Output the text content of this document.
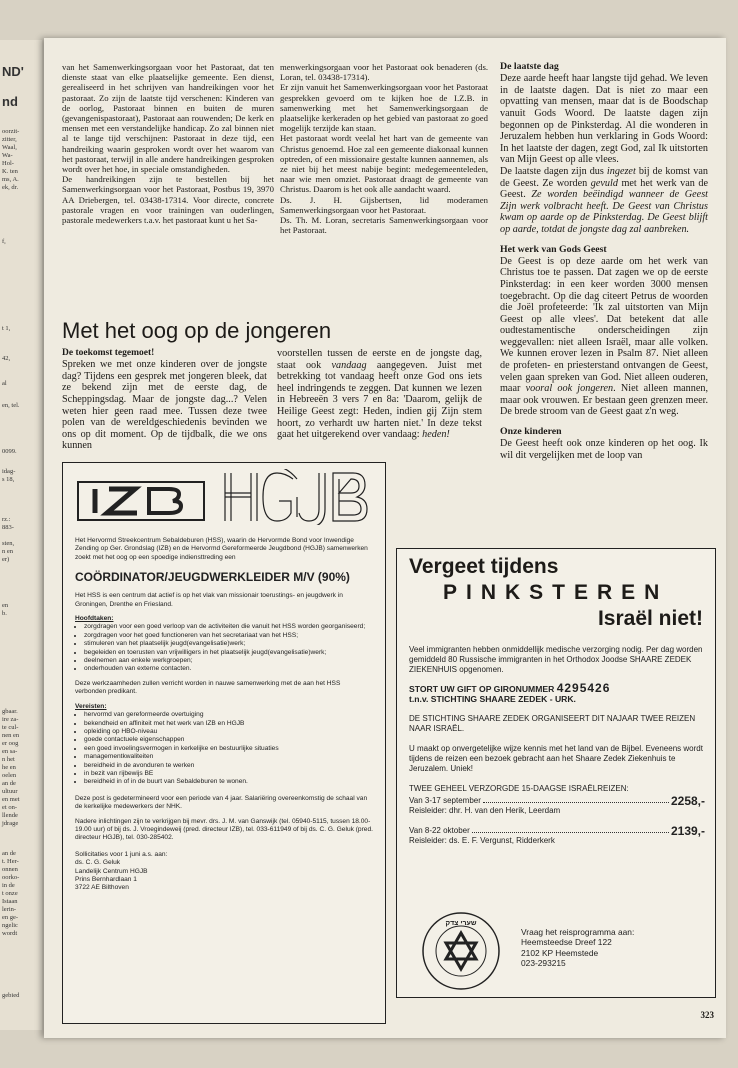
ND'
nd
oorzit-
zitter,
Waal,
Wa-
Hol-
K. ten
ms, A.
ek, dr.
f,
t 1,
42,
al
en, tel.
0099.
idag-
s 18,
rz.:
883-
sten,
n en
er)
en
b.
gbaar.
ire za-
te cul-
nen en
er oog
en sa-
n het
he en
oelen
an de
ultuur
en met
et on-
llende
jdrage
an de
t. Her-
onnen
oorko-
in de
t onze
Istaan
lerin-
en ge-
ngelic
wordt
gebied

van het Samenwerkingsorgaan voor het Pastoraat, dat ten dienste staat van elke plaatselijke gemeente. Een dienst, gerealiseerd in het schrijven van handreikingen voor het pastoraat. Zo zijn de laatste tijd verschenen: Kinderen van de oorlog, Pastoraat binnen en buiten de muren (gevangenispastoraat), Pastoraat aan rouwenden; De kerk en mensen met een verstandelijke handicap. Zo zal binnen niet al te lange tijd verschijnen: Pastoraat in deze tijd, een handreiking waarin gesproken wordt over het waarom van het pastoraat, terwijl in alle andere handreikingen gesproken wordt over het hoe, in speciale omstandigheden.

De handreikingen zijn te bestellen bij het Samenwerkingsorgaan voor het Pastoraat, Postbus 19, 3970 AA Driebergen, tel. 03438-17314. Voor directe, concrete pastorale vragen en voor trainingen van ouderlingen, pastorale medewerkers t.a.v. het pastoraat kunt u het Sa-

menwerkingsorgaan voor het Pastoraat ook benaderen (ds. Loran, tel. 03438-17314).

Er zijn vanuit het Samenwerkingsorgaan voor het Pastoraat gesprekken gevoerd om te kijken hoe de I.Z.B. in samenwerking met het Samenwerkingsorgaan de plaatselijke kerkeraden op het gebied van pastoraat zo goed mogelijk terzijde kan staan.

Het pastoraat wordt veelal het hart van de gemeente van Christus genoemd. Hoe zal een gemeente diakonaal kunnen optreden, of een missionaire gestalte kunnen aannemen, als ze niet bij het meest nabije begint: medegemeenteleden, naar wie men omziet. Pastoraat draagt de gemeente van Christus. Daarom is het ook alle aandacht waard.

Ds. J. H. Gijsbertsen, lid moderamen Samenwerkingsorgaan voor het Pastoraat.

Ds. Th. M. Loran, secretaris Samenwerkingsorgaan voor het Pastoraat.

De laatste dag

Deze aarde heeft haar langste tijd gehad. We leven in de laatste dagen. Dat is niet zo maar een opvatting van mensen, maar dat is de Boodschap vanuit Gods Woord. De laatste dagen zijn begonnen op de Pinksterdag. Al die wonderen in Jeruzalem hebben hun verklaring in Gods Woord: In het laatste der dagen, zegt God, zal Ik uitstorten van Mijn Geest op alle vlees.

De laatste dagen zijn dus ingezet bij de komst van de Geest. Ze worden gevuld met het werk van de Geest. Ze worden beëindigd wanneer de Geest Zijn werk volbracht heeft. De Geest van Christus kwam op aarde op de Pinksterdag. De Geest blijft op aarde, totdat de jongste dag zal aanbreken.

Het werk van Gods Geest

De Geest is op deze aarde om het werk van Christus toe te passen. Dat zagen we op de eerste Pinksterdag: in een keer worden 3000 mensen toegebracht. Op die dag citeert Petrus de woorden die Joël profeteerde: 'Ik zal uitstorten van Mijn Geest op alle vlees'. Dat betekent dat alle oudtestamentische onderscheidingen zijn weggevallen: niet alleen Israël, maar alle volken. We kunnen erover lezen in Psalm 87. Niet alleen de profeten- en priesterstand ontvangen de Geest, velen gaan spreken van God. Niet alleen ouderen, maar vooral ook jongeren. Niet alleen mannen, maar ook vrouwen. Er bestaan geen grenzen meer. De brede stroom van de Geest gaat z'n weg.

Onze kinderen

De Geest heeft ook onze kinderen op het oog. Ik wil dit vergelijken met de loop van

Met het oog op de jongeren
De toekomst tegemoet!

Spreken we met onze kinderen over de jongste dag? Tijdens een gesprek met jongeren bleek, dat ze bekend zijn met de eerste dag, de Scheppingsdag. Maar de jongste dag...? Velen weten hier geen raad mee. Tussen deze twee polen van de wereldgeschiedenis bevinden we ons op dit moment. Op de tijdbalk, die we ons kunnen

voorstellen tussen de eerste en de jongste dag, staat ook vandaag aangegeven. Juist met betrekking tot vandaag heeft onze God ons iets heel indringends te zeggen. Dat kunnen we lezen in Hebreeën 3 vers 7 en 8a: 'Daarom, gelijk de Heilige Geest zegt: Heden, indien gij Zijn stem hoort, zo verhardt uw harten niet.' In deze tekst gaat het uitgerekend over vandaag: heden!

Het Hervormd Streekcentrum Sebaldeburen (HSS), waarin de Hervormde Bond voor Inwendige Zending op Ger. Grondslag (IZB) en de Hervormd Gereformeerde Jeugdbond (HGJB) samenwerken zoekt met het oog op een spoedige indiensttreding een

COÖRDINATOR/JEUGDWERKLEIDER M/V (90%)

Het HSS is een centrum dat actief is op het vlak van missionair toerustings- en jeugdwerk in Groningen, Drenthe en Friesland.

Hoofdtaken:

• zorgdragen voor een goed verloop van de activiteiten die vanuit het HSS worden georganiseerd;
• zorgdragen voor het goed functioneren van het secretariaat van het HSS;
• stimuleren van het plaatselijk jeugd(evangelisatie)werk;
• begeleiden en toerusten van vrijwilligers in het plaatselijk jeugd(evangelisatie)werk;
• deelnemen aan enkele werkgroepen;
• onderhouden van externe contacten.

Deze werkzaamheden zullen verricht worden in nauwe samenwerking met de aan het HSS verbonden predikant.

Vereisten:

• hervormd van gereformeerde overtuiging
• bekendheid en affiniteit met het werk van IZB en HGJB
• opleiding op HBO-niveau
• goede contactuele eigenschappen
• een goed invoelingsvermogen in kerkelijke en bestuurlijke situaties
• managementkwaliteiten
• bereidheid in de avonduren te werken
• in bezit van rijbewijs BE
• bereidheid in of in de buurt van Sebaldeburen te wonen.

Deze post is gedetermineerd voor een periode van 4 jaar. Salariëring overeenkomstig de schaal van de kerkelijke medewerkers der NHK.

Nadere inlichtingen zijn te verkrijgen bij mevr. drs. J. M. van Ganswijk (tel. 05940-5115, tussen 18.00-19.00 uur) of bij ds. J. Vroegindeweij (pred. directeur IZB), tel. 033-611949 of bij ds. C. G. Geluk (pred. directeur HGJB), tel. 030-285402.

Sollicitaties voor 1 juni a.s. aan:
ds. C. G. Geluk
Landelijk Centrum HGJB
Prins Bernhardlaan 1
3722 AE Bilthoven
Vergeet tijdens
PINKSTEREN
Israël niet!

Veel immigranten hebben onmiddellijk medische verzorging nodig. Per dag worden gemiddeld 80 Russische immigranten in het Orthodox Joodse SHAARE ZEDEK ZIEKENHUIS opgenomen.

STORT UW GIFT OP GIRONUMMER 4295426

t.n.v. STICHTING SHAARE ZEDEK - URK.

DE STICHTING SHAARE ZEDEK ORGANISEERT DIT NAJAAR TWEE REIZEN NAAR ISRAËL.

U maakt op onvergetelijke wijze kennis met het land van de Bijbel. Eveneens wordt tijdens de reizen een bezoek gebracht aan het Shaare Zedek Ziekenhuis te Jeruzalem. Uniek!

TWEE GEHEEL VERZORGDE 15-DAAGSE ISRAËLREIZEN:

Van 3-17 september	2258,-

Reisleider: dhr. H. van den Herik, Leerdam

Van 8-22 oktober	2139,-

Reisleider: ds. E. F. Vergunst, Ridderkerk

שערי צדק
Vraag het reisprogramma aan:
Heemsteedse Dreef 122
2102 KP Heemstede
023-293215
323
